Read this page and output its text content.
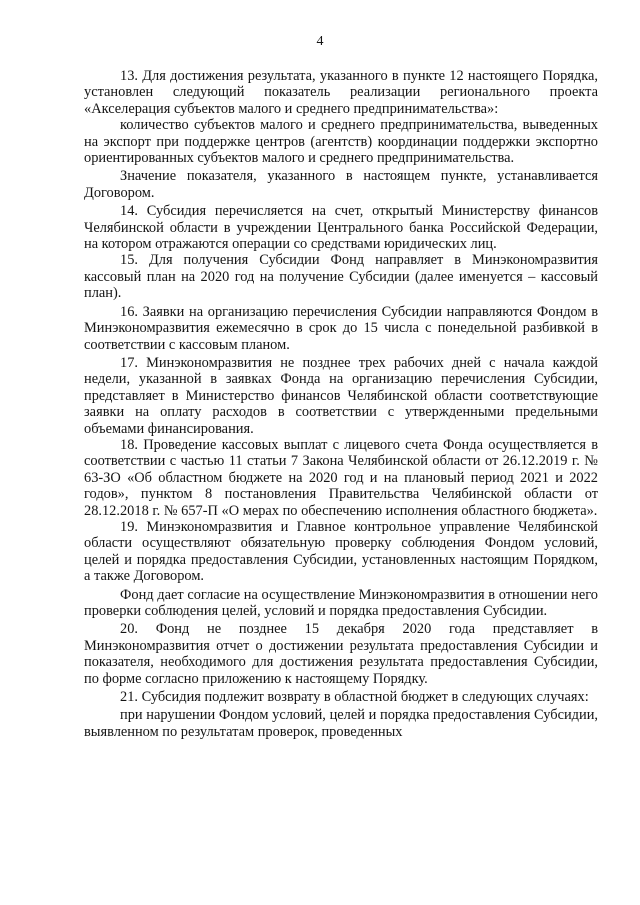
4

13. Для достижения результата, указанного в пункте 12 настоящего Порядка, установлен следующий показатель реализации регионального проекта «Акселерация субъектов малого и среднего предпринимательства»:

количество субъектов малого и среднего предпринимательства, выведенных на экспорт при поддержке центров (агентств) координации поддержки экспортно ориентированных субъектов малого и среднего предпринимательства.

Значение показателя, указанного в настоящем пункте, устанавливается Договором.

14. Субсидия перечисляется на счет, открытый Министерству финансов Челябинской области в учреждении Центрального банка Российской Федерации, на котором отражаются операции со средствами юридических лиц.

15. Для получения Субсидии Фонд направляет в Минэкономразвития кассовый план на 2020 год на получение Субсидии (далее именуется – кассовый план).

16. Заявки на организацию перечисления Субсидии направляются Фондом в Минэкономразвития ежемесячно в срок до 15 числа с понедельной разбивкой в соответствии с кассовым планом.

17. Минэкономразвития не позднее трех рабочих дней с начала каждой недели, указанной в заявках Фонда на организацию перечисления Субсидии, представляет в Министерство финансов Челябинской области соответствующие заявки на оплату расходов в соответствии с утвержденными предельными объемами финансирования.

18. Проведение кассовых выплат с лицевого счета Фонда осуществляется в соответствии с частью 11 статьи 7 Закона Челябинской области от 26.12.2019 г. № 63-ЗО «Об областном бюджете на 2020 год и на плановый период 2021 и 2022 годов», пунктом 8 постановления Правительства Челябинской области от 28.12.2018 г. № 657-П «О мерах по обеспечению исполнения областного бюджета».

19. Минэкономразвития и Главное контрольное управление Челябинской области осуществляют обязательную проверку соблюдения Фондом условий, целей и порядка предоставления Субсидии, установленных настоящим Порядком, а также Договором.

Фонд дает согласие на осуществление Минэкономразвития в отношении него проверки соблюдения целей, условий и порядка предоставления Субсидии.

20. Фонд не позднее 15 декабря 2020 года представляет в Минэкономразвития отчет о достижении результата предоставления Субсидии и показателя, необходимого для достижения результата предоставления Субсидии, по форме согласно приложению к настоящему Порядку.

21. Субсидия подлежит возврату в областной бюджет в следующих случаях:

при нарушении Фондом условий, целей и порядка предоставления Субсидии, выявленном по результатам проверок, проведенных
